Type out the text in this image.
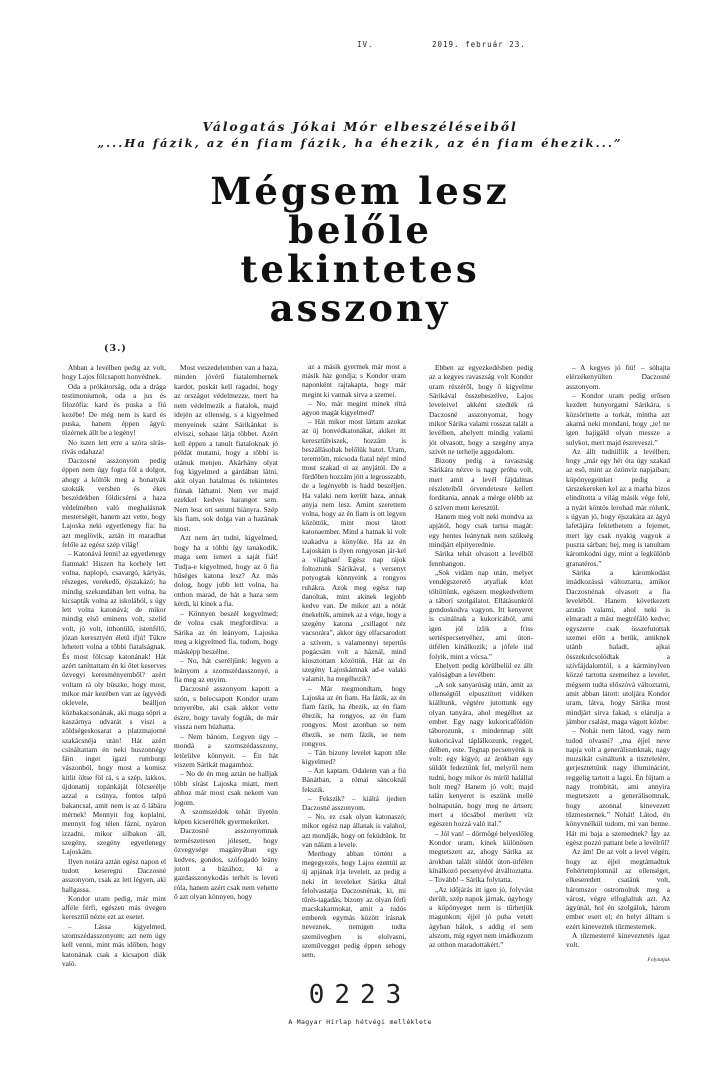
IV.	2019. február 23.
Válogatás Jókai Mór elbeszéléseiből
„...Ha fázik, az én fiam fázik, ha éhezik, az én fiam éhezik...”
Mégsem lesz
belőle
tekintetes
asszony
(3.)

Abban a levélben pedig az volt, hogy Lajos fölcsapott honvédnek.

Oda a prókátorság, oda a drága testimoniumok, oda a jus és filozófia: kard és puska a fiú kezébe! De még nem is kard és puska, hanem éppen ágyú: tüzérnek állt be a legény!

No iszen lett erre a szóra sírás-rívás odahaza!

Daczosné asszonyom pedig éppen nem úgy fogta föl a dolgot, ahogy a költők meg a honatyák szokták versben és ékes beszédekben földicsérni a haza védelmében való meghalásnak mesterségét, hanem azt vette, hogy Lajoska neki egyetlenegy fia: ha azt meglövik, aztán itt maradhat felőle az egész szép világ!

– Katonává lenni! az egyetlenegy fiamnak! Hiszen ha korhely lett volna, naplopó, csavargó, kártyás, részeges, verekedő, éjszakázó; ha mindig szekundában lett volna, ha kicsapták volna az iskolából, s úgy lett volna katonává; de mikor mindig első eminens volt, szelíd volt, jó volt, itthonülő, istenfélő, józan keresztyén életű ifjú! Tükre lehetett volna a többi fiatalságnak. És most fölcsap katonának! Hát azért taníttattam én ki őtet keserves özvegyi keresményemből? azért voltam rá oly büszke, hogy most, mikor már kezében van az ügyvédi oklevele, beálljon közbakacsonának, aki maga söpri a kaszárnya udvarát s viszi a zöldségeskosarat a platzmajorné szakácsnéja után! Hát azért csináltattam én neki huszonnégy fáin inget ígazi rumburgi vászonból, hogy most a komisz kitlit öltse föl rá, s a szép, lakkos, újdonatúj topánkáját fölcserélje azzal a csúnya, fontos talpú bakancsal, amit nem is az ő lábára mérnek! Mennyit fog koplalni, mennyit fog télen fázni, nyáron izzadni, mikor silbakon áll, szegény, szegény egyetlenegy Lajoskám.

Ilyen notára aztán egész napon el tudott keseregni Daczosné asszonyom, csak az lett légyen, aki hallgassa.

Kondor uram pedig, már mint afféle férfi, egészen más üvegen keresztül nézte ezt az esetet.

– Lássa kigyelmed, szomszédasszonyom; azt nem úgy kell venni, mint más időben, hogy katonának csak a kicsapott diák való.

Most veszedelemben van a haza, minden jóvérű fiatalembernek kardot, puskát kell ragadni, hogy az országot védelmezze, mert ha nem védelmezik a fiatalok, majd idején az ellenség, s a kigyelmed menyeinek szánt Sárikánkat is elviszi, sohase látja többet. Azért kell éppen a tanult fiataloknak jó példát mutatni, hogy a többi is utánuk menjen. Akárhány olyat fog kigyelmed a gárdában látni, akit olyan hatalmas és tekintetes fiúnak láthatni. Nem ver majd ezekkel kedves harangot sem. Nem lesz ott semmi hiányra. Szép kis fiam, sok dolga van a hazának most.

Azt nem árt tudni, kigyelmed, hogy ha a többi így tanakodik, maga sem ismeri a saját fiát! Tudja-e kigyelmed, hogy az ő fia hűséges katona lesz? Az más dolog, hogy jobb lett volna, ha otthon marad, de hát a haza sem kérdi, ki kinek a fia.

– Könnyen beszél kegyelmed; de volna csak megfordítva: a Sárika az én leányom, Lajoska meg a kigyelmed fia, tudom, hogy másképp beszélne.

– No, hát cseréljünk: legyen a leányom a szomszédasszonyé, a fia meg az enyim.

Daczosné asszonyom kapott a szón, s belecsapott Kondor uram tenyerébe, aki csak akkor vette észre, hogy tavaly fogták, de már vissza nem húzhatta.

– Nem bánom. Legyen úgy – mondá a szomszédasszony, letörülve könnyeit. – Én hát viszem Sárikát magamhoz.

– No de én meg aztán ne halljak több sírást Lajoska miatt, mert ahhoz már most csak nekem van jogom.

A szomszédok tehát ilyetén képen kicserélték gyermekeiket.

Daczosné asszonyomnak természetesen jólesett, hogy özvegysége magányában egy kedves, gondos, szófogadó leány jutott a házához, ki a gazdasszonykodás terhét is leveti róla, hanem azért csak nem vehette ő azt olyan könnyen, hogy

az a másik gyermek már most a másik ház gondja; s Kondor uram naponként rajtakapta, hogy már megint ki vannak sírva a szemei.

– No, már megint minek ríttá agyon magát kigyelmed?

– Hát mikor most láttam azokat az új honvédkatonákat, akiket itt keresztülviszek, hozzám is beszállásoltak belőlük hatot. Uram, teremtőm, micsoda fiatal nép! mind most szakad el az anyjától. De a fürdőben hozzám jött a legrosszabb, de a legényebb is hadd beszéljen. Ha valaki nem került haza, annak anyja nem lesz. Amint szerettem volna, hogy az én fiam is ott legyen közöttük, mint most látott katonaember. Mind a hatnak ki volt szakadva a könyöke. Ha az én Lajoskám is ilyen rongyosan jár-kel a világban! Egész nap rájok foltoztunk Sárikával, s versenyt potyogtak könnyeink a rongyos ruhákra. Azok meg egész nap danoltak, mint akinek legjobb kedve van. De mikor azt a nótát énekelték, aminek az a vége, hogy a szegény katona „csillagot néz vacsorára”, akkor úgy elfacsarodott a szívem, s valamennyi tepertős pogácsám volt a háznál, mind kiosztottam közöttük. Hát az én szegény Lajoskámnak ad-e valaki valamit, ha megéhezik?

– Már megmondtam, hogy Lajoska az én fiam. Ha fázik, az én fiam fázik, ha éhezik, az én fiam éhezik, ha rongyos, az én fiam rongyos. Most azonban se nem éhezik, se nem fázik, se nem rongyos.

– Tán bizony levelet kapott tőle kigyelmed?

– Azt kaptam. Odalenn van a fiú Bánátban, a római sáncoknál fekszik.

– Fekszik? – kiáltá ijedten Daczosné asszonyom.

– No, ez csak olyan katonaszó; mikor egész nap állanak is valahol, azt mondják, hogy ott feküdtünk. Itt van nálam a levele.

Merthogy abban történt a megegyezés, hogy Lajos ezentúl az új apjának írja leveleit, az pedig a neki írt leveleket Sárika által felolvastatja Daczosnénak, ki, mi tűrés-tagadás, bizony az olyan férfi macskakarmokat, amit a tudós emberek egymás között írásnak neveznek, nemigen tudta szeművegben is elolvasni, szeművegget pedig éppen sehogy sem.

Ebben az egyezkedésben pedig az a kegyes ravaszság volt Kondor uram részéről, hogy ő kigyelme Sárikával összebeszélve, Lajos leveleivel akként szedték rá Daczosné asszonyomat, hogy mikor Sárika valami rosszat talált a levélben, ahelyett mindig valami jót olvasott, hogy a szegény anya szívét ne terhelje aggodalom.

Bizony pedig a ravaszság Sárikára nézve is nagy próba volt, mert amit a levél fájdalmas részleteiből örvendetesre kellett fordítania, annak a mérge elébb az ő szíven ment keresztül.

Hanem meg volt neki mondva az apjától, hogy csak tartsa magát: egy hentes leánynak nem szükség mindjárt elpityerednie.

Sárika tehát olvasott a levélből fennhangon.

„Sok vidám nap után, melyet vendégszerető atyafiak közt töltöttünk, egészen megkedveltem a táborí szolgálatot. Ellátásunkról gondoskodva vagyon. Itt kenyeret is csinálnak a kukoricából, ami igen jól ízlik a friss sertéspecsenyéhez, ami úton-útfélen kínálkozik; a jófele ital folyik, mint a vócsa.”

Ehelyett pedig körülbelül ez állt valóságban a levélben:

„A sok sanyarúság után, amit az ellenségtől elpusztított vidéken kiálltunk, végtére jutottunk egy olyan tanyára, ahol megélhet az ember. Egy nagy kukoricaföldön táborozunk, s mindennap sült kukoricával táplálkozunk, reggel, délben, este. Tegnap pecsenyénk is volt: egy kígyó; az árokban egy süldőt fedeztünk fel, melyről nem tudni, hogy mikor és miről halállal holt meg? Hanem jó volt; majd talán kenyeret is eszünk mellé holnapután, hogy meg ne ártson; mert a töcsábol merített víz egészen hozzá való ital.”

– Jól van! – dörmögé helyeslőleg Kondor uram, kinek különösen megtetszett az, ahogy Sárika az árokban talált süldőt úton-útfélen kínálkozó pecsenyévé átváltoztatta. – Tovább! – Sárika folytatta.

„Az időjárás itt igen jó, folyvást derült, szép napok járnak, úgyhogy a köpönyeget nem is tűrhetjük magunkon; éjjel jó puha vetett ágyban hálok, s addig el sem alszom, míg egyet nem imádkozom az otthon maradottakért.”

– A kegyes jó fiú! – sóhajta elérzékenyülten Daczosné asszonyom.

– Kondor uram pedig erősen kezdett hunyorgatni Sárikára, s közsörítette a torkát, mintha azt akarná neki mondani, hogy „te! ne igen hajigáld olyan messze a sulykot, mert majd észreveszi.”

Az állt tudniillik a levélben, hogy „már egy hét óta úgy szakad az eső, mint az özönvíz napjaiban; köpönyegeinket pedig a társzekereken kel az a marha bízos elindította a világ másik vége felé, a nyári köntös lerohad már rólunk, s úgyan jó, hogy éjszakára az ágyú lafetájára fektethetem a fejemet, mert így csak nyakig vagyok a puszta sárban; hej, meg is tanultam káromkodni úgy, mint a legkülönb granatéros.”

Sárika a káromkodást imádkozássá változtatta, amikor Daczosnénak olvasott a fia leveléből. Hanem következett azután valami, ahol neki is elmaradt a mást megtréfáló kedve; egyszerre csak összefutottak szemei előtt a betűk, amiknek utánb haladt, ajkai összekulcsolódtak a szívfájdalomtól, s a kárminylven közzé tartotta szemeihez a levelet, mégsem tudta előszóvá változtatni, amit abban látott: utoljára Kondor uram, látva, hogy Sárika most mindjárt sírva fakad, s elárulja a jámbor csalást, maga vágott közbe:

– Nohát nem látod, vagy nem tudod olvasni? „ma éjjel neve napja volt a generálisunknak, nagy muzsikát csináltunk a tiszteletére, gerjesztettünk nagy illuminációt, reggelig tartott a lagzi. Én fújtam a nagy trombitát, ami annyira megtetszett a generálisomnak, hogy azonnal kinevezett tűzmesternek.” Nohát! Látod, én könyvnélkül tudom, mi van benne. Hát mi baja a szemednek? Így az egész pozzó pattant bele a levélről?

Az ám! De az volt a level végén, hogy az éjjel megtámadtuk Fehértemplomnál az ellenséget, elkeseredett csatánk volt, háromszor ostromoltuk meg a várost, végre elfoglaltuk azt. Az ágyúnál, hol én szolgálok, három ember esett el; én helyt álltam s ezért kineveztek tűzmesternek.

A tűzmesterré kineveztetés igaz volt.

Folytatjuk
0223
A Magyar Hírlap hétvégi melléklete
